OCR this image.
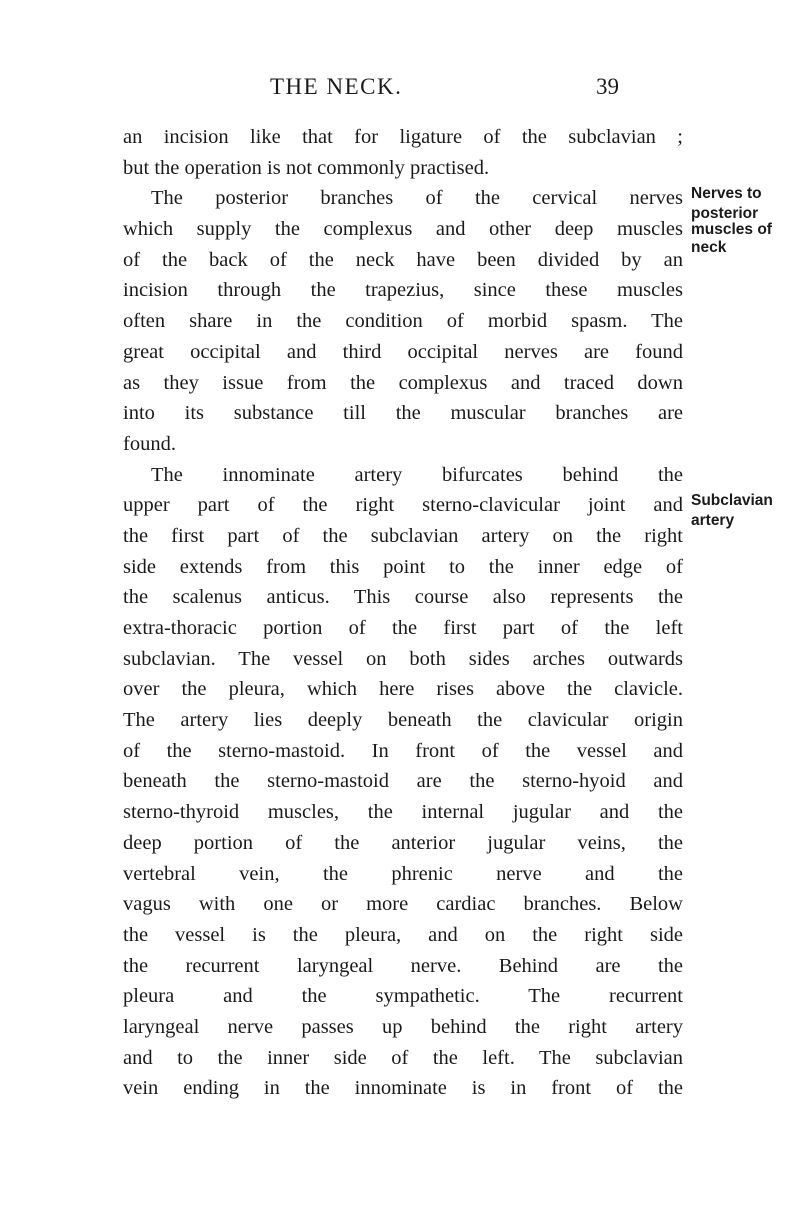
THE NECK.	39
an incision like that for ligature of the subclavian ;
but the operation is not commonly practised.
The posterior branches of the cervical nerves
which supply the complexus and other deep muscles
of the back of the neck have been divided by an
incision through the trapezius, since these muscles
often share in the condition of morbid spasm. The
great occipital and third occipital nerves are found
as they issue from the complexus and traced down
into its substance till the muscular branches are
found.
The innominate artery bifurcates behind the
upper part of the right sterno-clavicular joint and
the first part of the subclavian artery on the right
side extends from this point to the inner edge of
the scalenus anticus. This course also represents the
extra-thoracic portion of the first part of the left
subclavian. The vessel on both sides arches outwards
over the pleura, which here rises above the clavicle.
The artery lies deeply beneath the clavicular origin
of the sterno-mastoid. In front of the vessel and
beneath the sterno-mastoid are the sterno-hyoid and
sterno-thyroid muscles, the internal jugular and the
deep portion of the anterior jugular veins, the
vertebral vein, the phrenic nerve and the
vagus with one or more cardiac branches. Below
the vessel is the pleura, and on the right side
the recurrent laryngeal nerve. Behind are the
pleura and the sympathetic. The recurrent
laryngeal nerve passes up behind the right artery
and to the inner side of the left. The subclavian
vein ending in the innominate is in front of the
Nerves to
posterior
muscles of
neck
Subclavian
artery
